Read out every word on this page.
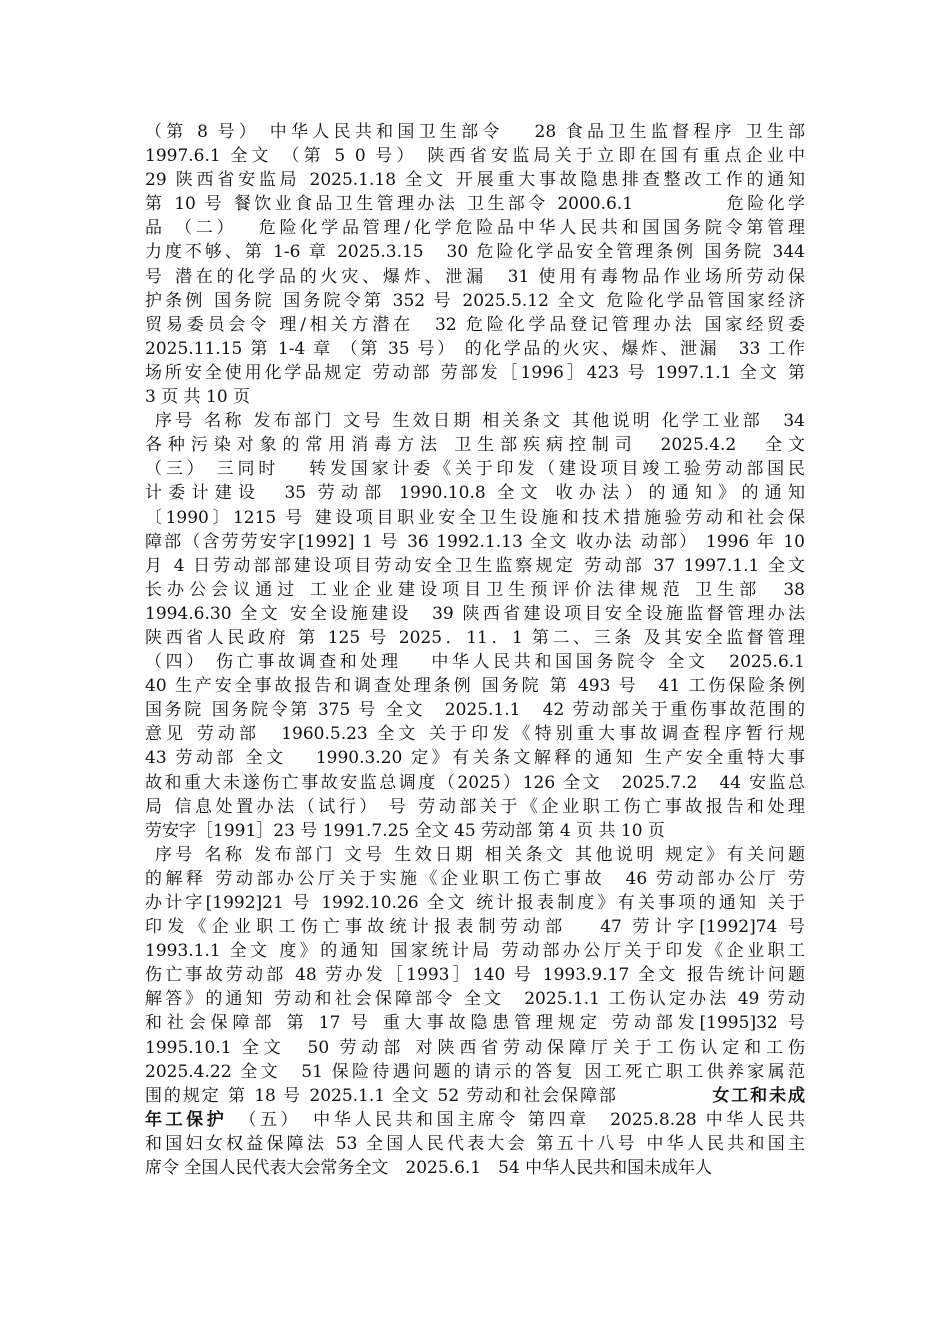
（第 8 号） 中华人民共和国卫生部令　 28 食品卫生监督程序 卫生部
1997.6.1 全文 （第 5 0 号） 陕西省安监局关于立即在国有重点企业中
29 陕西省安监局 2025.1.18 全文 开展重大事故隐患排查整改工作的通知
第 10 号 餐饮业食品卫生管理办法 卫生部令 2000.6.1　　　　 危险化学
品 （二）　 危险化学品管理/化学危险品中华人民共和国国务院令第管理
力度不够、第 1-6 章 2025.3.15　30 危险化学品安全管理条例 国务院 344
号 潜在的化学品的火灾、爆炸、泄漏　31 使用有毒物品作业场所劳动保
护条例 国务院 国务院令第 352 号 2025.5.12 全文 危险化学品管国家经济
贸易委员会令 理/相关方潜在　32 危险化学品登记管理办法 国家经贸委
2025.11.15 第 1-4 章 （第 35 号） 的化学品的火灾、爆炸、泄漏　33 工作
场所安全使用化学品规定 劳动部 劳部发［1996］423 号 1997.1.1 全文 第
3 页 共 10 页
序号 名称 发布部门 文号 生效日期 相关条文 其他说明 化学工业部　34
各种污染对象的常用消毒方法 卫生部疾病控制司　2025.4.2　全文
（三） 三同时　 转发国家计委《关于印发（建设项目竣工验劳动部国民
计委计建设　35 劳动部 1990.10.8 全文 收办法）的通知》的通知
〔1990〕1215 号 建设项目职业安全卫生设施和技术措施验劳动和社会保
障部（含劳劳安字[1992] 1 号 36 1992.1.13 全文 收办法 动部） 1996 年 10
月 4 日劳动部部建设项目劳动安全卫生监察规定 劳动部 37 1997.1.1 全文
长办公会议通过 工业企业建设项目卫生预评价法律规范 卫生部　38
1994.6.30 全文 安全设施建设　39 陕西省建设项目安全设施监督管理办法
陕西省人民政府 第 125 号 2025．11．1 第二、三条 及其安全监督管理
（四） 伤亡事故调查和处理　 中华人民共和国国务院令 全文　2025.6.1
40 生产安全事故报告和调查处理条例 国务院 第 493 号　41 工伤保险条例
国务院 国务院令第 375 号 全文　2025.1.1　42 劳动部关于重伤事故范围的
意见 劳动部　1960.5.23 全文 关于印发《特别重大事故调查程序暂行规
43 劳动部 全文　 1990.3.20 定》有关条文解释的通知 生产安全重特大事
故和重大未遂伤亡事故安监总调度（2025）126 全文　2025.7.2　44 安监总
局 信息处置办法（试行） 号 劳动部关于《企业职工伤亡事故报告和处理
劳安字［1991］23 号 1991.7.25 全文 45 劳动部 第 4 页 共 10 页
序号 名称 发布部门 文号 生效日期 相关条文 其他说明 规定》有关问题
的解释 劳动部办公厅关于实施《企业职工伤亡事故　46 劳动部办公厅 劳
办计字[1992]21 号 1992.10.26 全文 统计报表制度》有关事项的通知 关于
印发《企业职工伤亡事故统计报表制劳动部　 47 劳计字[1992]74 号
1993.1.1 全文 度》的通知 国家统计局 劳动部办公厅关于印发《企业职工
伤亡事故劳动部 48 劳办发［1993］140 号 1993.9.17 全文 报告统计问题
解答》的通知 劳动和社会保障部令 全文　2025.1.1 工伤认定办法 49 劳动
和社会保障部 第 17 号 重大事故隐患管理规定 劳动部发[1995]32 号
1995.10.1 全文　50 劳动部 对陕西省劳动保障厅关于工伤认定和工伤
2025.4.22 全文　51 保险待遇问题的请示的答复 因工死亡职工供养家属范
围的规定 第 18 号 2025.1.1 全文 52 劳动和社会保障部　　　　　女工和未成
年工保护　（五）　中华人民共和国主席令 第四章　2025.8.28 中华人民共
和国妇女权益保障法 53 全国人民代表大会 第五十八号 中华人民共和国主
席令 全国人民代表大会常务全文　2025.6.1　54 中华人民共和国未成年人
